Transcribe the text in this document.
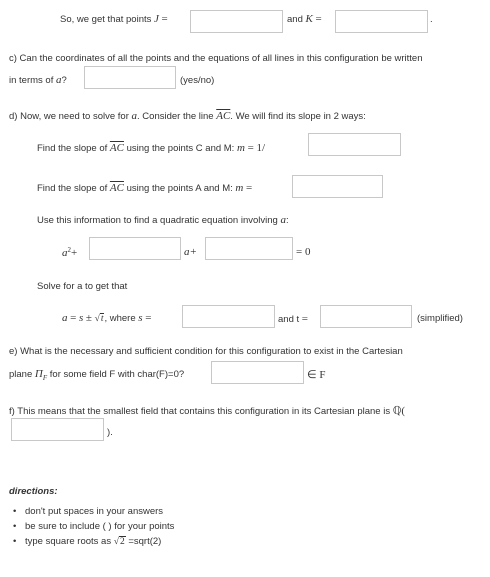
So, we get that points J =	and K =	.
c) Can the coordinates of all the points and the equations of all lines in this configuration be written
in terms of a?	(yes/no)
d) Now, we need to solve for a. Consider the line $\overline{AC}$. We will find its slope in 2 ways:
Find the slope of $\overline{AC}$ using the points C and M: m = 1/
Find the slope of $\overline{AC}$ using the points A and M: m =
Use this information to find a quadratic equation involving a:
$a^2+$	a+	= 0
Solve for a to get that
a = s ± √t, where s =	and t =	(simplified)
e) What is the necessary and sufficient condition for this configuration to exist in the Cartesian
plane $\Pi_F$ for some field F with char(F)=0?	∈ F
f) This means that the smallest field that contains this configuration in its Cartesian plane is ℚ(
).
directions:
• don't put spaces in your answers
• be sure to include ( ) for your points
• type square roots as √2 =sqrt(2)
